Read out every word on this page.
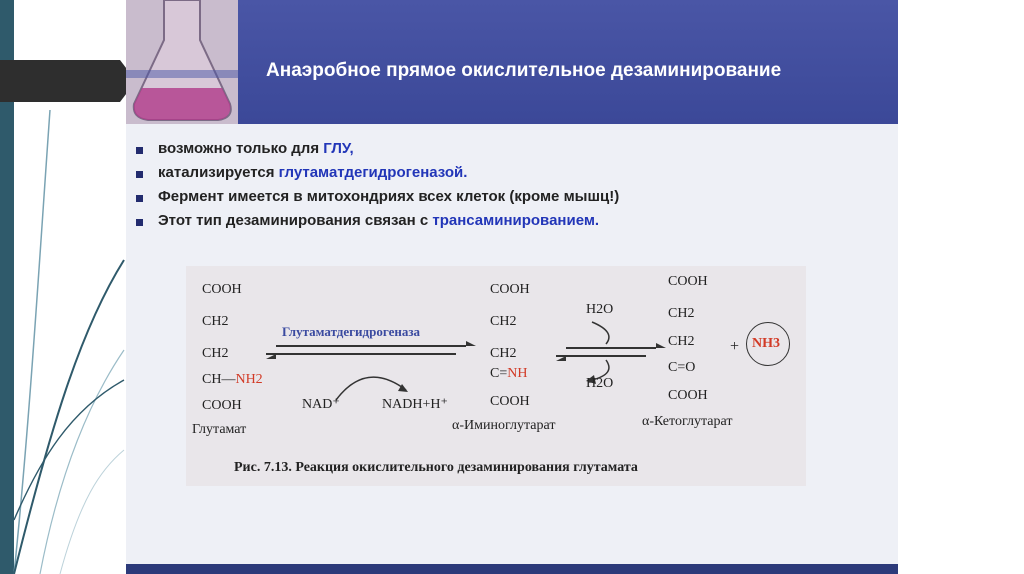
Анаэробное прямое окислительное дезаминирование
возможно только для ГЛУ,
катализируется глутаматдегидрогеназой.
Фермент имеется в митохондриях всех клеток (кроме мышц!)
Этот тип дезаминирования связан с трансаминированием.
COOH
CH2
CH2
CH—NH2
COOH
Глутамат
Глутаматдегидрогеназа
NAD⁺	NADH+H⁺
COOH
CH2
CH2
C=NH
COOH
α-Иминоглутарат
H2O
H2O
COOH
CH2
CH2
C=O
COOH
α-Кетоглутарат
+ NH3
Рис. 7.13. Реакция окислительного дезаминирования глутамата
